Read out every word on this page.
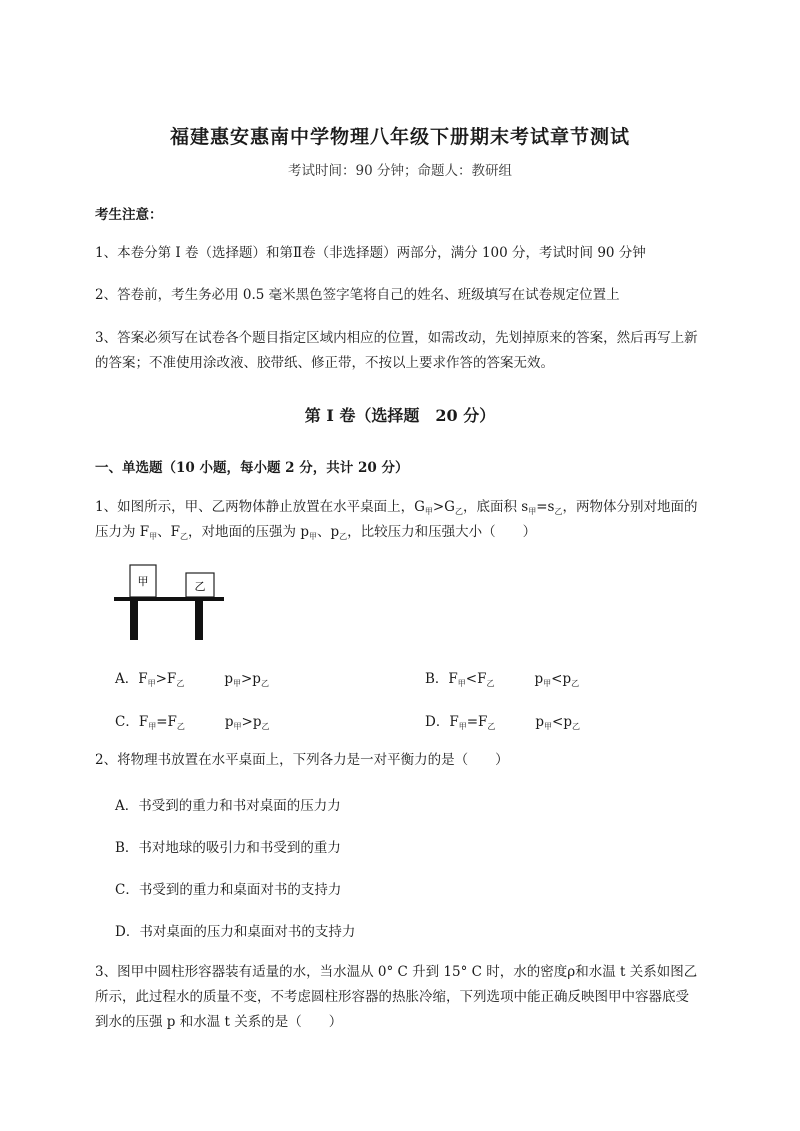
福建惠安惠南中学物理八年级下册期末考试章节测试
考试时间：90 分钟；命题人：教研组
考生注意：
1、本卷分第 I 卷（选择题）和第Ⅱ卷（非选择题）两部分，满分 100 分，考试时间 90 分钟
2、答卷前，考生务必用 0.5 毫米黑色签字笔将自己的姓名、班级填写在试卷规定位置上
3、答案必须写在试卷各个题目指定区域内相应的位置，如需改动，先划掉原来的答案，然后再写上新
的答案；不准使用涂改液、胶带纸、修正带，不按以上要求作答的答案无效。
第 I 卷（选择题　20 分）
一、单选题（10 小题，每小题 2 分，共计 20 分）
1、如图所示，甲、乙两物体静止放置在水平桌面上，$G_甲>G_乙$，底面积 $s_甲=s_乙$，两物体分别对地面的
压力为 $F_甲$、$F_乙$，对地面的压强为 $p_甲$、$p_乙$，比较压力和压强大小（　　）
甲	乙
A．$F_甲>F_乙$	$p_甲>p_乙$	B．$F_甲<F_乙$	$p_甲<p_乙$
C．$F_甲=F_乙$	$p_甲>p_乙$	D．$F_甲=F_乙$	$p_甲<p_乙$
2、将物理书放置在水平桌面上，下列各力是一对平衡力的是（　　）
A．书受到的重力和书对桌面的压力力
B．书对地球的吸引力和书受到的重力
C．书受到的重力和桌面对书的支持力
D．书对桌面的压力和桌面对书的支持力
3、图甲中圆柱形容器装有适量的水，当水温从 0° C 升到 15° C 时，水的密度ρ和水温 t 关系如图乙
所示，此过程水的质量不变，不考虑圆柱形容器的热胀冷缩，下列选项中能正确反映图甲中容器底受
到水的压强 p 和水温 t 关系的是（　　）
